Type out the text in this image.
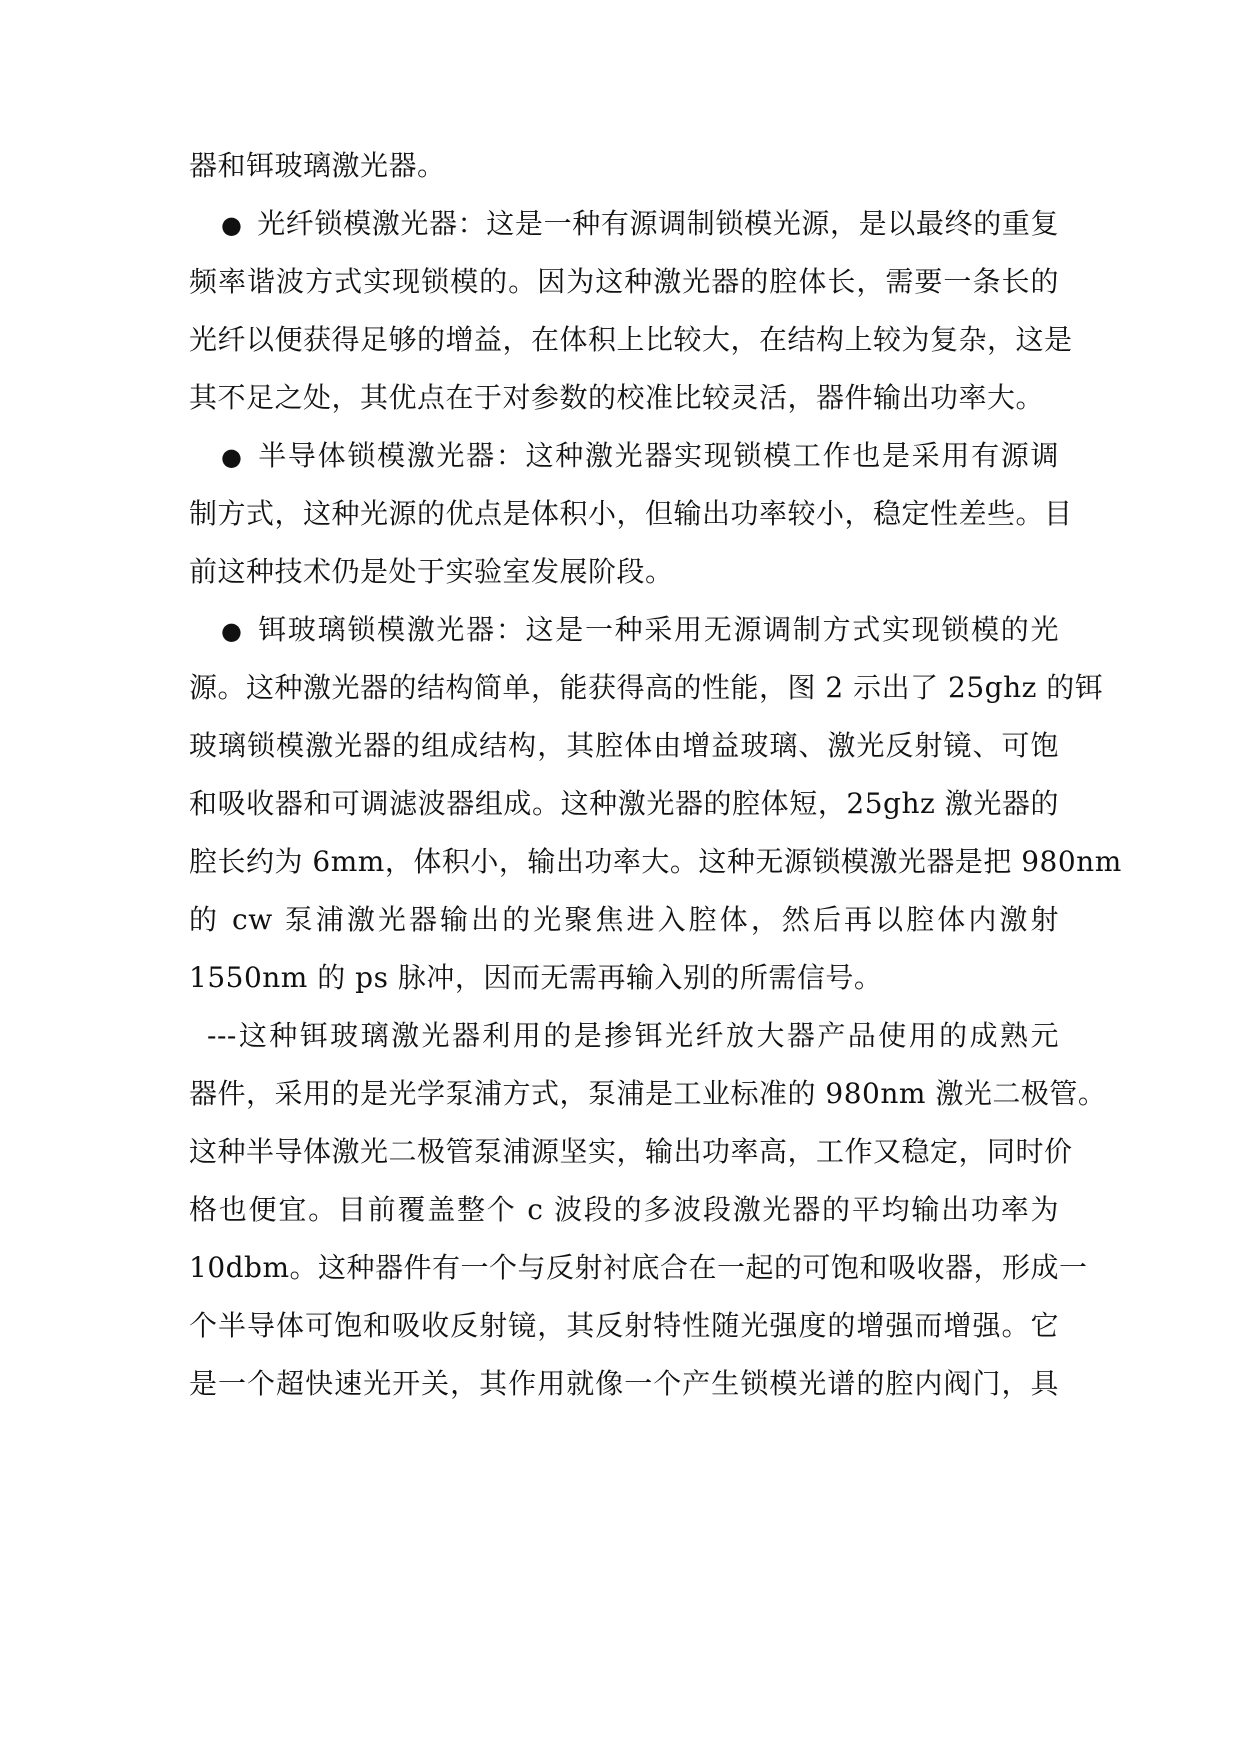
器和铒玻璃激光器。
● 光纤锁模激光器：这是一种有源调制锁模光源，是以最终的重复
频率谐波方式实现锁模的。因为这种激光器的腔体长，需要一条长的
光纤以便获得足够的增益，在体积上比较大，在结构上较为复杂，这是
其不足之处，其优点在于对参数的校准比较灵活，器件输出功率大。
● 半导体锁模激光器：这种激光器实现锁模工作也是采用有源调
制方式，这种光源的优点是体积小，但输出功率较小，稳定性差些。目
前这种技术仍是处于实验室发展阶段。
● 铒玻璃锁模激光器：这是一种采用无源调制方式实现锁模的光
源。这种激光器的结构简单，能获得高的性能，图 2 示出了 25ghz 的铒
玻璃锁模激光器的组成结构，其腔体由增益玻璃、激光反射镜、可饱
和吸收器和可调滤波器组成。这种激光器的腔体短，25ghz 激光器的
腔长约为 6mm，体积小，输出功率大。这种无源锁模激光器是把 980nm
的 cw 泵浦激光器输出的光聚焦进入腔体，然后再以腔体内激射
1550nm 的 ps 脉冲，因而无需再输入别的所需信号。
---这种铒玻璃激光器利用的是掺铒光纤放大器产品使用的成熟元
器件，采用的是光学泵浦方式，泵浦是工业标准的 980nm 激光二极管。
这种半导体激光二极管泵浦源坚实，输出功率高，工作又稳定，同时价
格也便宜。目前覆盖整个 c 波段的多波段激光器的平均输出功率为
10dbm。这种器件有一个与反射衬底合在一起的可饱和吸收器，形成一
个半导体可饱和吸收反射镜，其反射特性随光强度的增强而增强。它
是一个超快速光开关，其作用就像一个产生锁模光谱的腔内阀门，具
